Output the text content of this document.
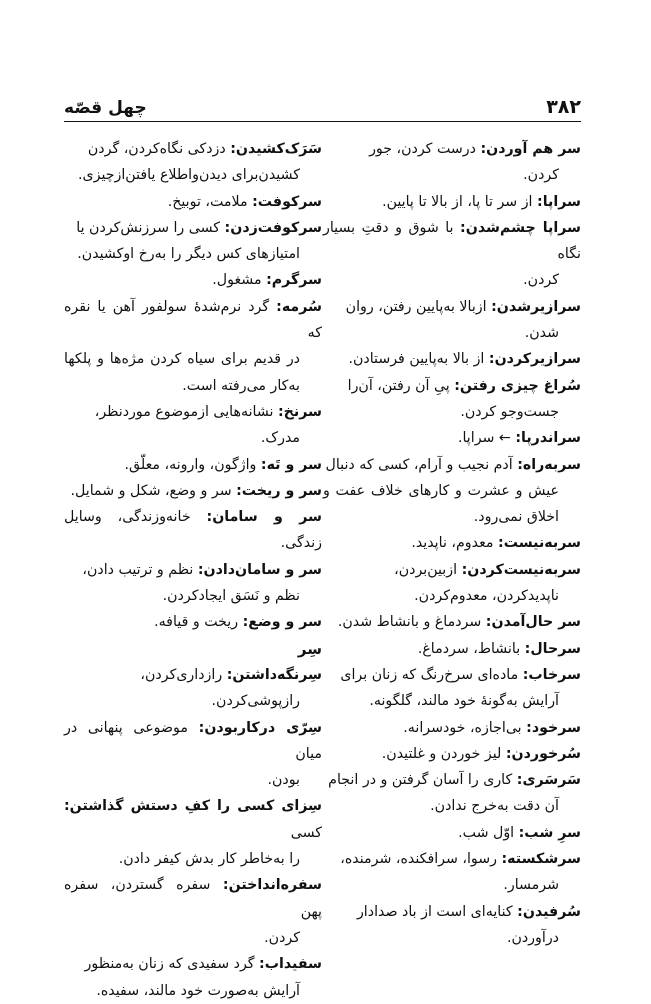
۳۸۲
چهل قصّه

سر هم آوردن: درست کردن، جور
کردن.

سراپا: از سر تا پا، از بالا تا پایین.

سراپا چشم‌شدن: با شوق و دقتِ بسیار نگاه
کردن.

سرازیرشدن: ازبالا به‌پایین رفتن، روان
شدن.

سرازیرکردن: از بالا به‌پایین فرستادن.

سُراغ چیزی رفتن: پیِ آن رفتن، آن‌را
جست‌وجو کردن.

سراندرپا: ← سراپا.

سربه‌راه: آدم نجیب و آرام، کسی که دنبال
عیش و عشرت و کارهای خلاف عفت و اخلاق نمی‌رود.

سربه‌نیست: معدوم، ناپدید.

سربه‌نیست‌کردن: ازبین‌بردن،
ناپدیدکردن، معدوم‌کردن.

سر حال‌آمدن: سردماغ و بانشاط شدن.

سرحال: بانشاط، سردماغ.

سرخاب: ماده‌ای سرخ‌رنگ که زنان برای
آرایش به‌گونهٔ خود مالند، گلگونه.

سرخود: بی‌اجازه، خودسرانه.

سُرخوردن: لیز خوردن و غلتیدن.

سَرسَری: کاری را آسان گرفتن و در انجام
آن دقت به‌خرج ندادن.

سرِ شب: اوّل شب.

سرشکسته: رسوا، سرافکنده، شرمنده،
شرمسار.

سُرفیدن: کنایه‌ای است از باد صدادار
درآوردن.

سَرَک‌کشیدن: دزدکی نگاه‌کردن، گردن
کشیدن‌برای دیدن‌واطلاع یافتن‌ازچیزی.

سرکوفت: ملامت، توبیخ.

سرکوفت‌زدن: کسی را سرزنش‌کردن یا
امتیازهای کس دیگر را به‌رخ اوکشیدن.

سرگرم: مشغول.

سُرمه: گرد نرم‌شدهٔ سولفور آهن یا نقره که
در قدیم برای سیاه کردن مژه‌ها و پلکها به‌کار می‌رفته است.

سرنخ: نشانه‌هایی ازموضوع موردنظر،
مدرک.

سر و تَه: واژگون، وارونه، معلّق.

سر و ریخت: سر و وضع، شکل و شمایل.

سر و سامان: خانه‌وزندگی، وسایل زندگی.

سر و سامان‌دادن: نظم و ترتیب دادن،
نظم و نَسَق ایجادکردن.

سر و وضع: ریخت و قیافه.

سِر

سِرنگه‌داشتن: رازداری‌کردن،
رازپوشی‌کردن.

سِرّی درکاربودن: موضوعی پنهانی در میان
بودن.

سِزای کسی را کفِ دستش گذاشتن: کسی
را به‌خاطر کار بدش کیفر دادن.

سفره‌انداختن: سفره گستردن، سفره پهن
کردن.

سفیداب: گرد سفیدی که زنان به‌منظور
آرایش به‌صورت خود مالند، سفیده.
